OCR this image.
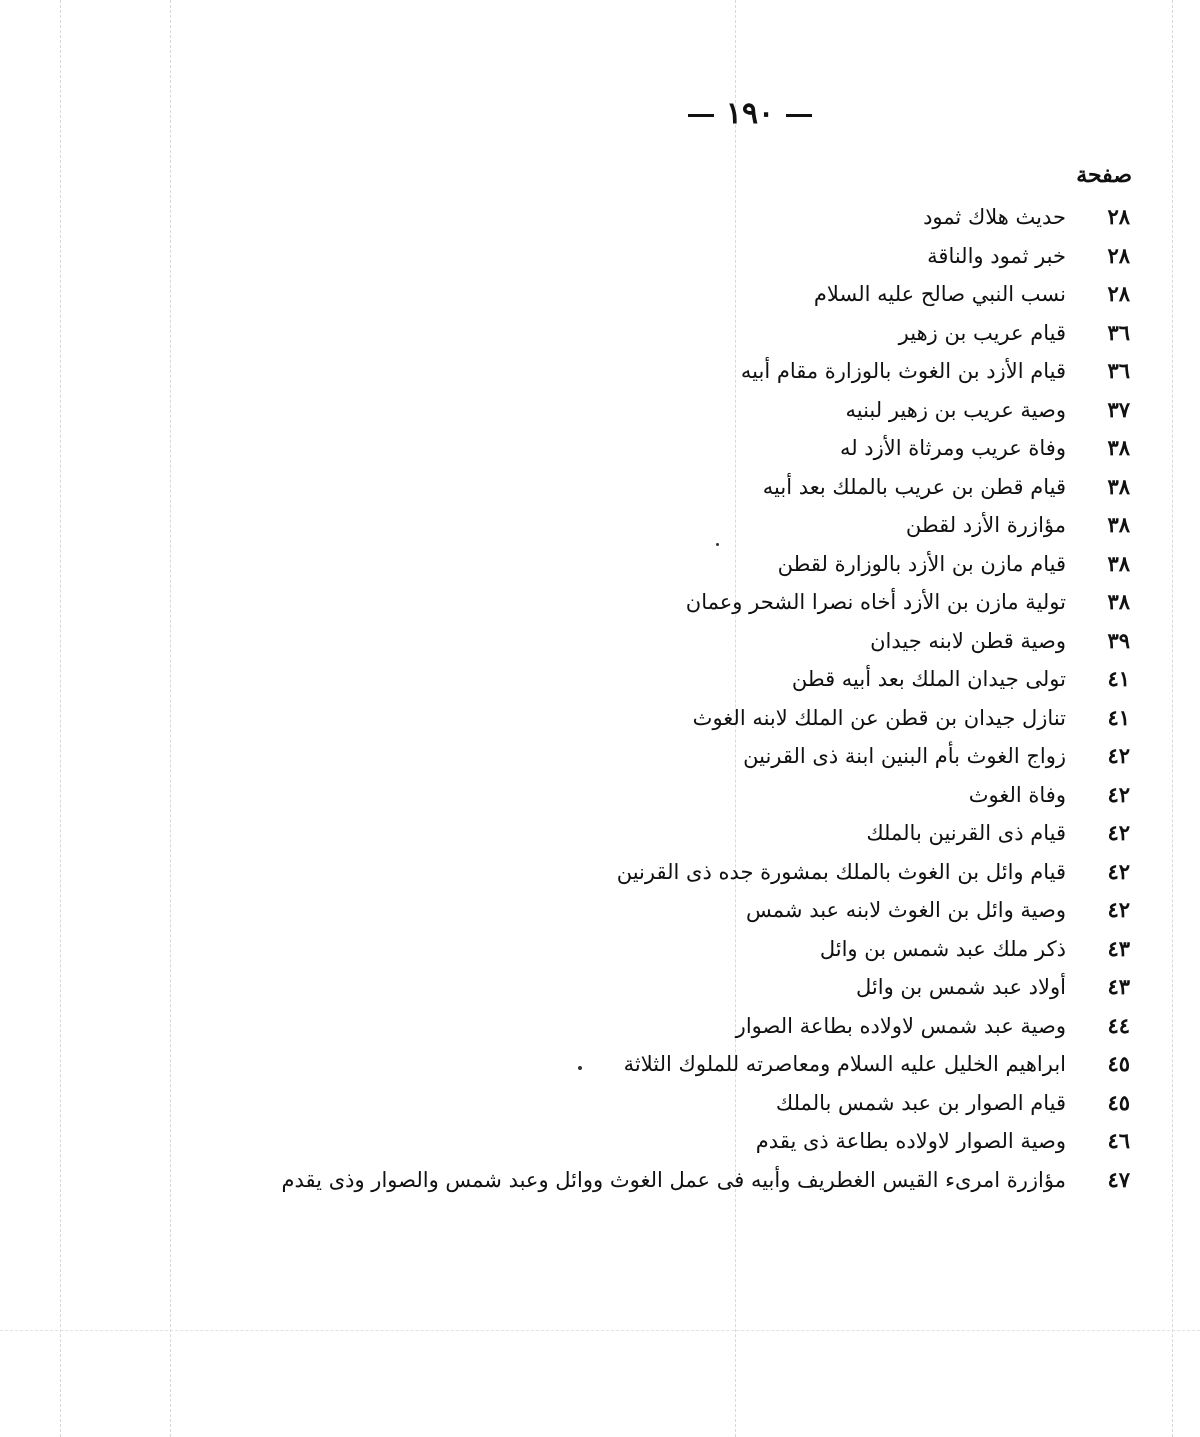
١٩٠
صفحة
٢٨
حديث هلاك ثمود
٢٨
خبر ثمود والناقة
٢٨
نسب النبي صالح عليه السلام
٣٦
قيام عريب بن زهير
٣٦
قيام الأزد بن الغوث بالوزارة مقام أبيه
٣٧
وصية عريب بن زهير لبنيه
٣٨
وفاة عريب ومرثاة الأزد له
٣٨
قيام قطن بن عريب بالملك بعد أبيه
٣٨
مؤازرة الأزد لقطن
٣٨
قيام مازن بن الأزد بالوزارة لقطن
٣٨
تولية مازن بن الأزد أخاه نصرا الشحر وعمان
٣٩
وصية قطن لابنه جيدان
٤١
تولى جيدان الملك بعد أبيه قطن
٤١
تنازل جيدان بن قطن عن الملك لابنه الغوث
٤٢
زواج الغوث بأم البنين ابنة ذى القرنين
٤٢
وفاة الغوث
٤٢
قيام ذى القرنين بالملك
٤٢
قيام وائل بن الغوث بالملك بمشورة جده ذى القرنين
٤٢
وصية وائل بن الغوث لابنه عبد شمس
٤٣
ذكر ملك عبد شمس بن وائل
٤٣
أولاد عبد شمس بن وائل
٤٤
وصية عبد شمس لاولاده بطاعة الصوار
٤٥
ابراهيم الخليل عليه السلام ومعاصرته للملوك الثلاثة
٤٥
قيام الصوار بن عبد شمس بالملك
٤٦
وصية الصوار لاولاده بطاعة ذى يقدم
٤٧
مؤازرة امرىء القيس الغطريف وأبيه فى عمل الغوث ووائل وعبد شمس والصوار وذى يقدم
